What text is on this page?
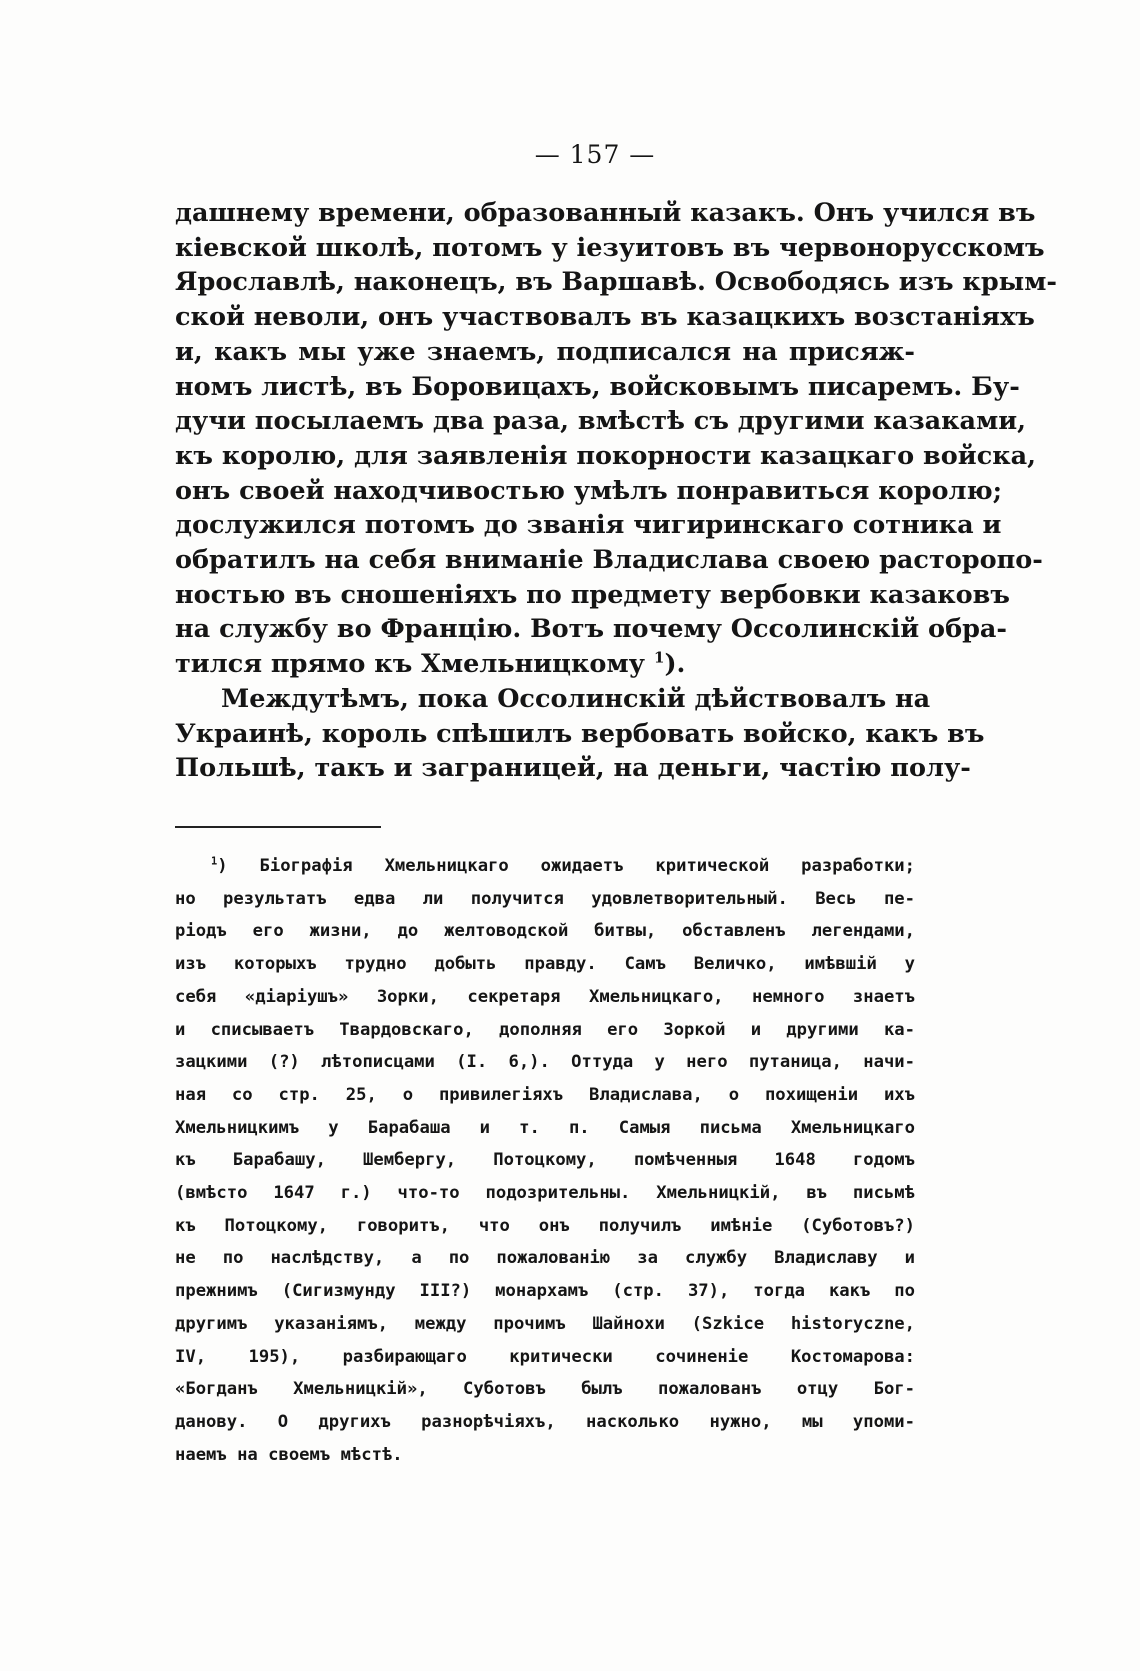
— 157 —
дашнему времени, образованный казакъ. Онъ учился въ
кіевской школѣ, потомъ у іезуитовъ въ червонорусскомъ
Ярославлѣ, наконецъ, въ Варшавѣ. Освободясь изъ крым-
ской неволи, онъ участвовалъ въ казацкихъ возстаніяхъ
и, какъ мы уже знаемъ, подписался на присяж-
номъ листѣ, въ Боровицахъ, войсковымъ писаремъ. Бу-
дучи посылаемъ два раза, вмѣстѣ съ другими казаками,
къ королю, для заявленія покорности казацкаго войска,
онъ своей находчивостью умѣлъ понравиться королю;
дослужился потомъ до званія чигиринскаго сотника и
обратилъ на себя вниманіе Владислава своею расторопо-
ностью въ сношеніяхъ по предмету вербовки казаковъ
на службу во Францію. Вотъ почему Оссолинскій обра-
тился прямо къ Хмельницкому $^1$).
Междутѣмъ, пока Оссолинскій дѣйствовалъ на
Украинѣ, король спѣшилъ вербовать войско, какъ въ
Польшѣ, такъ и заграницей, на деньги, частію полу-
$^1$) Біографія Хмельницкаго ожидаетъ критической разработки;
но результатъ едва ли получится удовлетворительный. Весь пе-
ріодъ его жизни, до желтоводской битвы, обставленъ легендами,
изъ которыхъ трудно добыть правду. Самъ Величко, имѣвшій у
себя «діаріушъ» Зорки, секретаря Хмельницкаго, немного знаетъ
и списываетъ Твардовскаго, дополняя его Зоркой и другими ка-
зацкими (?) лѣтописцами (I. 6,). Оттуда у него путаница, начи-
ная со стр. 25, о привилегіяхъ Владислава, о похищеніи ихъ
Хмельницкимъ у Барабаша и т. п. Самыя письма Хмельницкаго
къ Барабашу, Шембергу, Потоцкому, помѣченныя 1648 годомъ
(вмѣсто 1647 г.) что-то подозрительны. Хмельницкій, въ письмѣ
къ Потоцкому, говоритъ, что онъ получилъ имѣніе (Суботовъ?)
не по наслѣдству, а по пожалованію за службу Владиславу и
прежнимъ (Сигизмунду III?) монархамъ (стр. 37), тогда какъ по
другимъ указаніямъ, между прочимъ Шайнохи (Szkice historyczne,
IV, 195), разбирающаго критически сочиненіе Костомарова:
«Богданъ Хмельницкій», Суботовъ былъ пожалованъ отцу Бог-
данову. О другихъ разнорѣчіяхъ, насколько нужно, мы упоми-
наемъ на своемъ мѣстѣ.
